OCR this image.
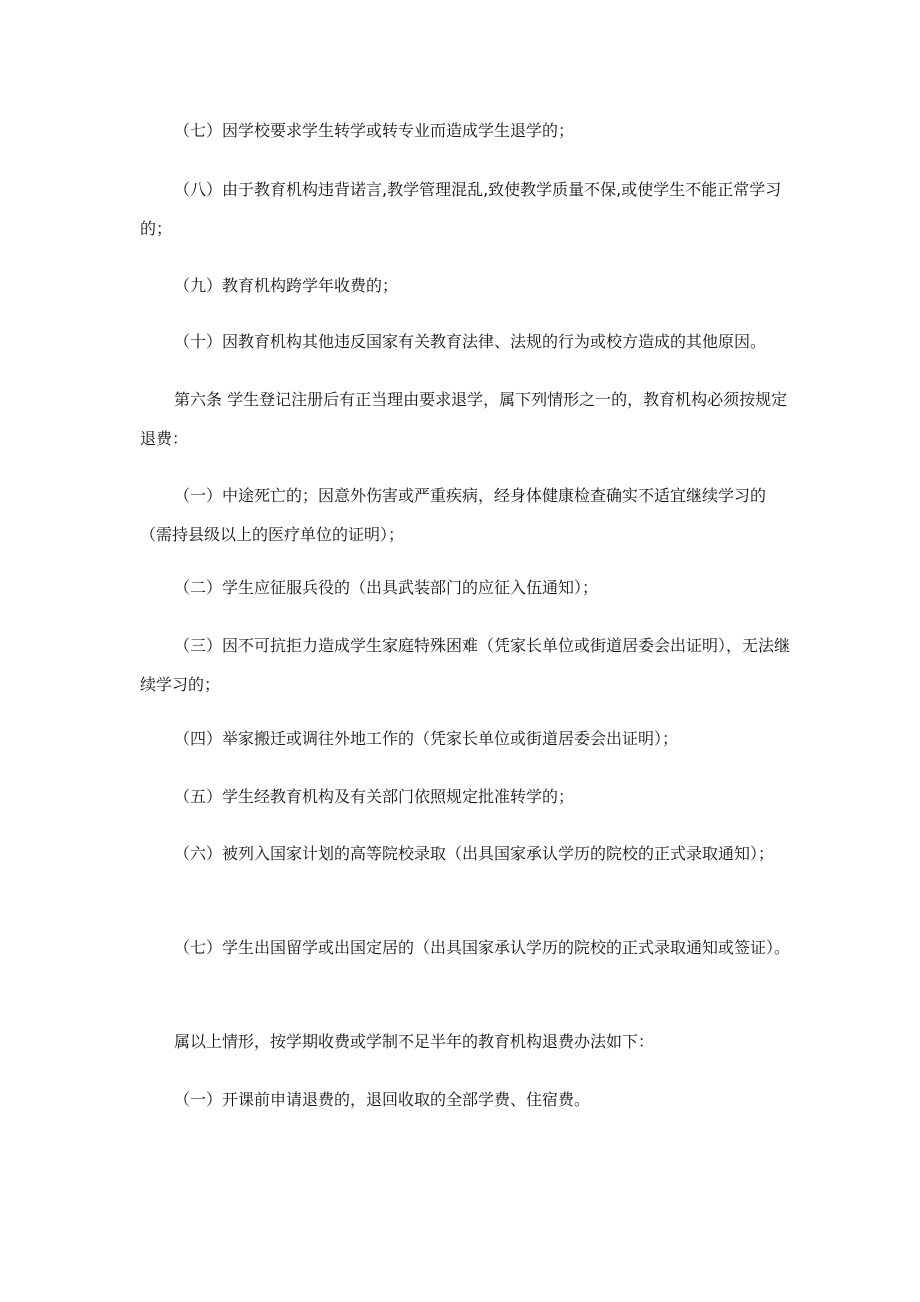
（七）因学校要求学生转学或转专业而造成学生退学的；

（八）由于教育机构违背诺言,教学管理混乱,致使教学质量不保,或使学生不能正常学习的；

（九）教育机构跨学年收费的；

（十）因教育机构其他违反国家有关教育法律、法规的行为或校方造成的其他原因。

第六条 学生登记注册后有正当理由要求退学，属下列情形之一的，教育机构必须按规定退费：

（一）中途死亡的；因意外伤害或严重疾病，经身体健康检查确实不适宜继续学习的（需持县级以上的医疗单位的证明）；

（二）学生应征服兵役的（出具武装部门的应征入伍通知）；

（三）因不可抗拒力造成学生家庭特殊困难（凭家长单位或街道居委会出证明），无法继续学习的；

（四）举家搬迁或调往外地工作的（凭家长单位或街道居委会出证明）；

（五）学生经教育机构及有关部门依照规定批准转学的；

（六）被列入国家计划的高等院校录取（出具国家承认学历的院校的正式录取通知）；

（七）学生出国留学或出国定居的（出具国家承认学历的院校的正式录取通知或签证）。

属以上情形，按学期收费或学制不足半年的教育机构退费办法如下：

（一）开课前申请退费的，退回收取的全部学费、住宿费。
